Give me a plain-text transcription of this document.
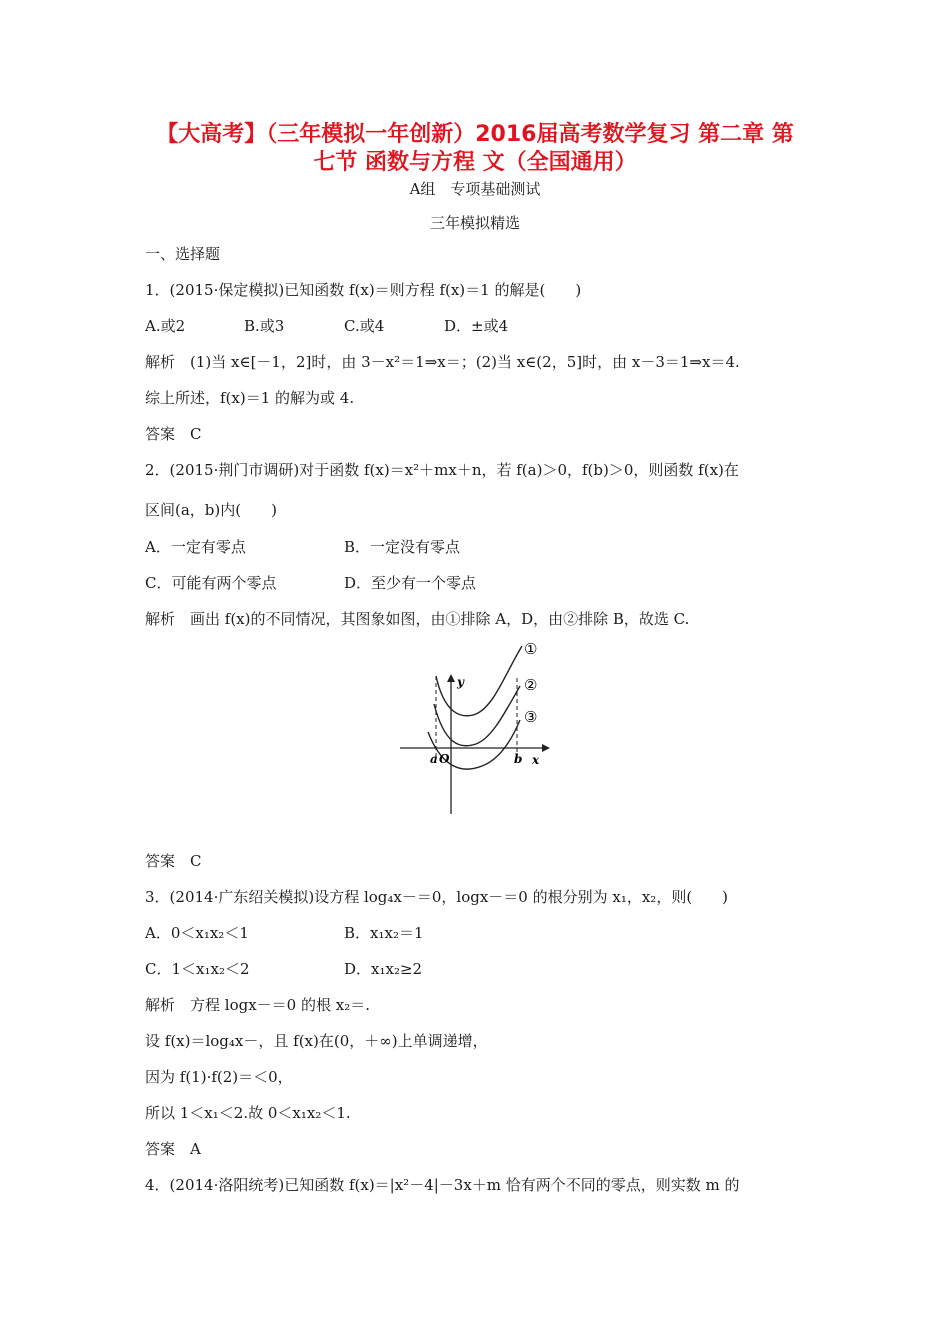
【大高考】（三年模拟一年创新）2016届高考数学复习 第二章 第
七节 函数与方程 文（全国通用）
A组　专项基础测试
三年模拟精选
一、选择题
1．(2015·保定模拟)已知函数 f(x)＝则方程 f(x)＝1 的解是(　　)
A.或2	B.或3	C.或4	D．±或4
解析　(1)当 x∈[－1，2]时，由 3－x²＝1⇒x＝；(2)当 x∈(2，5]时，由 x－3＝1⇒x＝4.
综上所述，f(x)＝1 的解为或 4.
答案　C
2．(2015·荆门市调研)对于函数 f(x)＝x²＋mx＋n，若 f(a)＞0，f(b)＞0，则函数 f(x)在
区间(a，b)内(　　)
A．一定有零点	B．一定没有零点
C．可能有两个零点	D．至少有一个零点
解析　画出 f(x)的不同情况，其图象如图，由①排除 A，D，由②排除 B，故选 C.
y
x
a O	b
①
②
③
答案　C
3．(2014·广东绍关模拟)设方程 log₄x－＝0，logx－＝0 的根分别为 x₁，x₂，则(　　)
A．0＜x₁x₂＜1	B．x₁x₂＝1
C．1＜x₁x₂＜2	D．x₁x₂≥2
解析　方程 logx－＝0 的根 x₂＝.
设 f(x)＝log₄x－，且 f(x)在(0，＋∞)上单调递增，
因为 f(1)·f(2)＝＜0，
所以 1＜x₁＜2.故 0＜x₁x₂＜1.
答案　A
4．(2014·洛阳统考)已知函数 f(x)＝|x²－4|－3x＋m 恰有两个不同的零点，则实数 m 的
